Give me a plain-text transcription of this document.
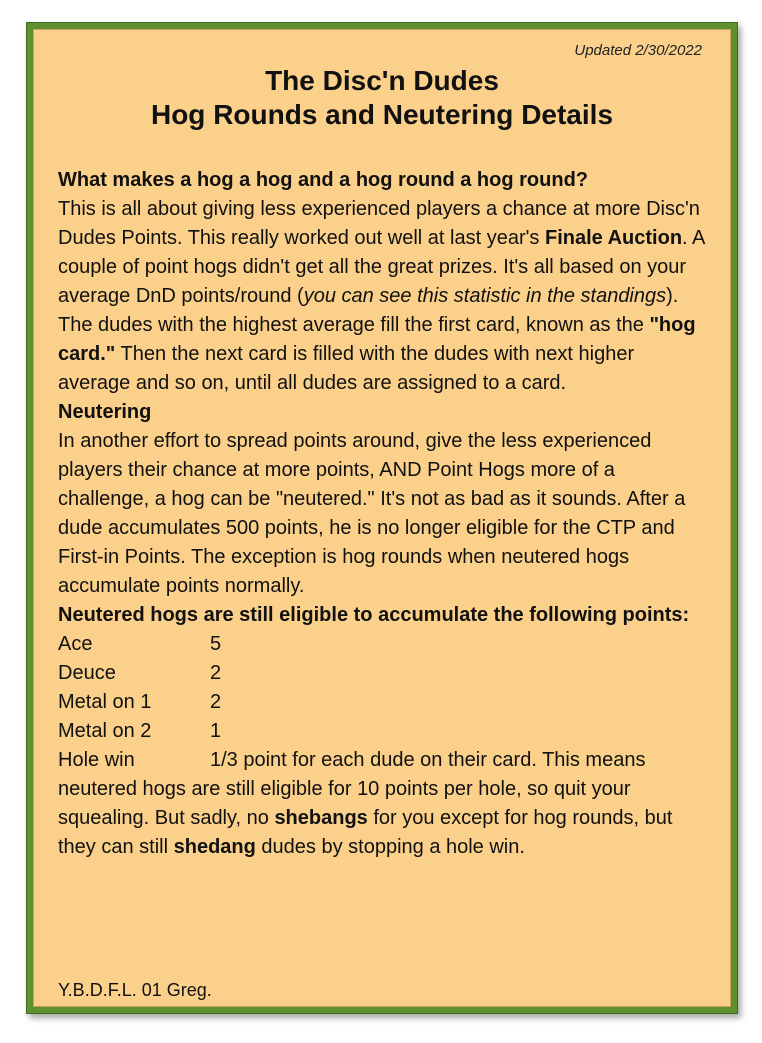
Updated 2/30/2022
The Disc'n Dudes
Hog Rounds and Neutering Details

What makes a hog a hog and a hog round a hog round?

This is all about giving less experienced players a chance at more Disc'n Dudes Points. This really worked out well at last year's Finale Auction. A couple of point hogs didn't get all the great prizes. It's all based on your average DnD points/round (you can see this statistic in the standings). The dudes with the highest average fill the first card, known as the "hog card." Then the next card is filled with the dudes with next higher average and so on, until all dudes are assigned to a card.

Neutering

In another effort to spread points around, give the less experienced players their chance at more points, AND Point Hogs more of a challenge, a hog can be "neutered." It's not as bad as it sounds. After a dude accumulates 500 points, he is no longer eligible for the CTP and First-in Points. The exception is hog rounds when neutered hogs accumulate points normally.

Neutered hogs are still eligible to accumulate the following points:

Ace	5
Deuce	2
Metal on 1	2
Metal on 2	1

Hole win	1/3 point for each dude on their card. This means neutered hogs are still eligible for 10 points per hole, so quit your squealing. But sadly, no shebangs for you except for hog rounds, but they can still shedang dudes by stopping a hole win.

Y.B.D.F.L. 01 Greg.
